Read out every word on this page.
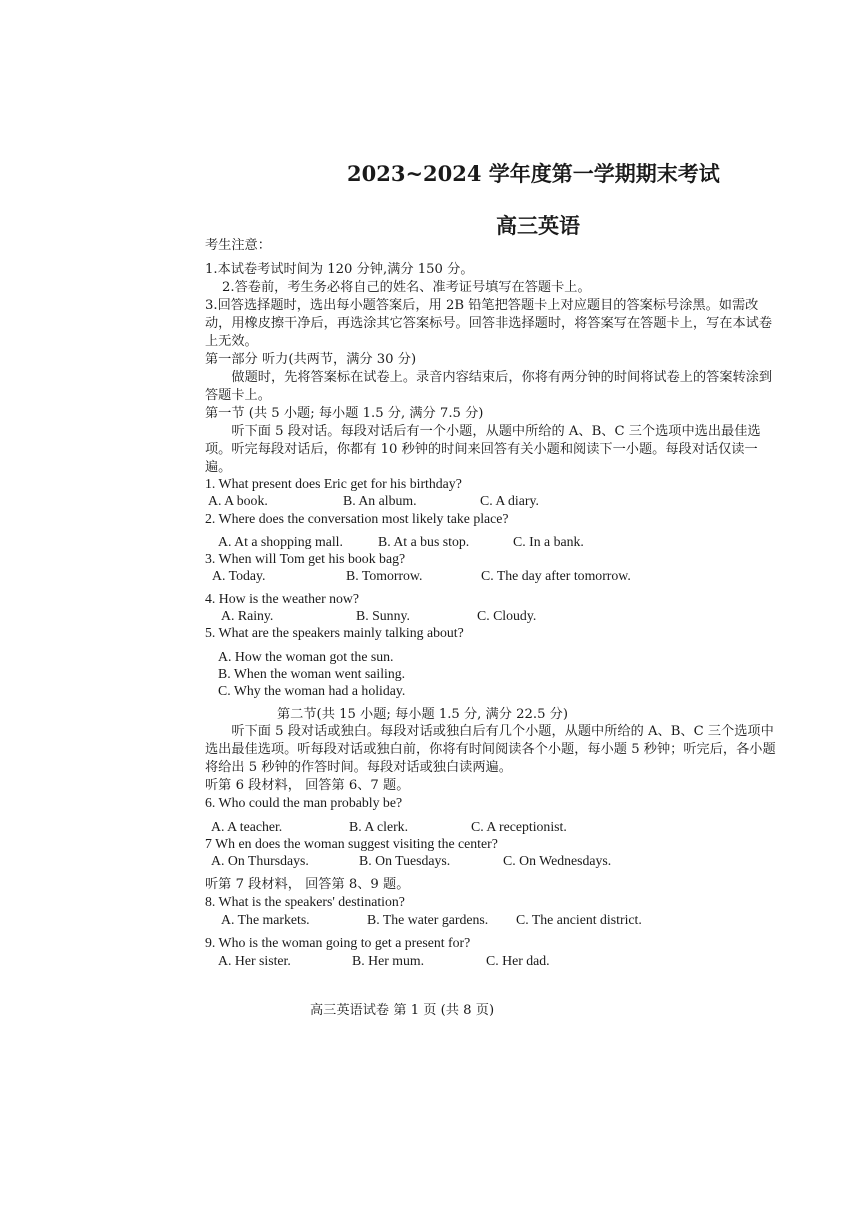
2023~2024 学年度第一学期期末考试
高三英语
考生注意：
1.本试卷考试时间为 120 分钟,满分 150 分。
2.答卷前，考生务必将自己的姓名、准考证号填写在答题卡上。
3.回答选择题时，选出每小题答案后，用 2B 铅笔把答题卡上对应题目的答案标号涂黑。如需改动，用橡皮擦干净后，再选涂其它答案标号。回答非选择题时，将答案写在答题卡上，写在本试卷上无效。
第一部分 听力(共两节，满分 30 分)
做题时，先将答案标在试卷上。录音内容结束后，你将有两分钟的时间将试卷上的答案转涂到答题卡上。
第一节 (共 5 小题; 每小题 1.5 分, 满分 7.5 分)
听下面 5 段对话。每段对话后有一个小题，从题中所给的 A、B、C 三个选项中选出最佳选项。听完每段对话后，你都有 10 秒钟的时间来回答有关小题和阅读下一小题。每段对话仅读一遍。
1. What present does Eric get for his birthday?
A. A book.	B. An album.	C. A diary.
2. Where does the conversation most likely take place?
A. At a shopping mall.	B. At a bus stop.	C. In a bank.
3. When will Tom get his book bag?
A. Today.	B. Tomorrow.	C. The day after tomorrow.
4. How is the weather now?
A. Rainy.	B. Sunny.	C. Cloudy.
5. What are the speakers mainly talking about?
A. How the woman got the sun.
B. When the woman went sailing.
C. Why the woman had a holiday.
第二节(共 15 小题; 每小题 1.5 分, 满分 22.5 分)
听下面 5 段对话或独白。每段对话或独白后有几个小题，从题中所给的 A、B、C 三个选项中选出最佳选项。听每段对话或独白前，你将有时间阅读各个小题，每小题 5 秒钟；听完后，各小题将给出 5 秒钟的作答时间。每段对话或独白读两遍。
听第 6 段材料， 回答第 6、7 题。
6. Who could the man probably be?
A. A teacher.	B. A clerk.	C. A receptionist.
7 Wh en does the woman suggest visiting the center?
A. On Thursdays.	B. On Tuesdays.	C. On Wednesdays.
听第 7 段材料， 回答第 8、9 题。
8. What is the speakers' destination?
A. The markets.	B. The water gardens. C. The ancient district.
9. Who is the woman going to get a present for?
A. Her sister.	B. Her mum.	C. Her dad.
高三英语试卷 第 1 页 (共 8 页)
